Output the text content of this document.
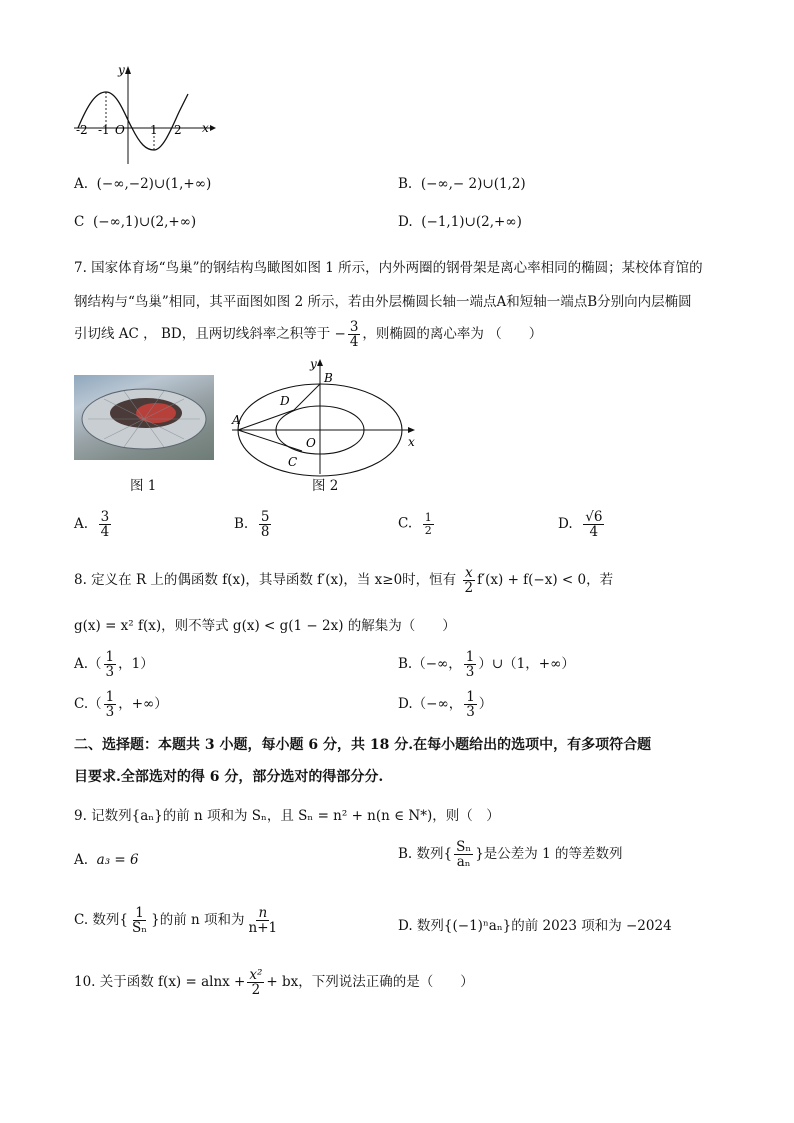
y
x
-2 -1 O 1 2
A. (−∞,−2)∪(1,+∞)	B. (−∞,− 2)∪(1,2)
C (−∞,1)∪(2,+∞)	D. (−1,1)∪(2,+∞)
7. 国家体育场“鸟巢”的钢结构鸟瞰图如图 1 所示，内外两圈的钢骨架是离心率相同的椭圆；某校体育馆的
钢结构与“鸟巢”相同，其平面图如图 2 所示，若由外层椭圆长轴一端点A和短轴一端点B分别向内层椭圆
引切线 AC ， BD，且两切线斜率之积等于 − $\frac{3}{4}$ ，则椭圆的离心率为 （　　）
图 1
y
x
B
D
A
O
C
图 2
A. $\frac{3}{4}$	B. $\frac{5}{8}$	C. $\frac{1}{2}$	D. $\frac{√6}{4}$
8. 定义在 R 上的偶函数 f(x)，其导函数 f′(x)，当 x≥0时，恒有 $\frac{x}{2} f'(x) + f(-x) < 0$，若
g(x) = x² f(x)，则不等式 g(x) < g(1 − 2x) 的解集为（　　）
$A.( \frac{1}{3}$ ，1）	B.（−∞， $\frac{1}{3}$ ）∪（1，+∞）
$C.( \frac{1}{3}$ ，+∞）	D.（−∞， $\frac{1}{3}$ ）
二、选择题：本题共 3 小题，每小题 6 分，共 18 分.在每小题给出的选项中，有多项符合题
目要求.全部选对的得 6 分，部分选对的得部分分.
9. 记数列{aₙ}的前 n 项和为 Sₙ，且 Sₙ = n² + n(n ∈ N*)，则（　）
A. a₃ = 6	B. 数列{ $\frac{\text{Sₙ}}{\text{aₙ}}$ }是公差为 1 的等差数列
C. 数列{ $\frac{1}{\text{Sₙ}}$ }的前 n 项和为 $\frac{n}{n+1}$	D. 数列{(−1)ⁿaₙ}的前 2023 项和为 −2024
10. 关于函数 $f(x) = alnx + \frac{\text{x²}}{2}$ + bx，下列说法正确的是（　　）
